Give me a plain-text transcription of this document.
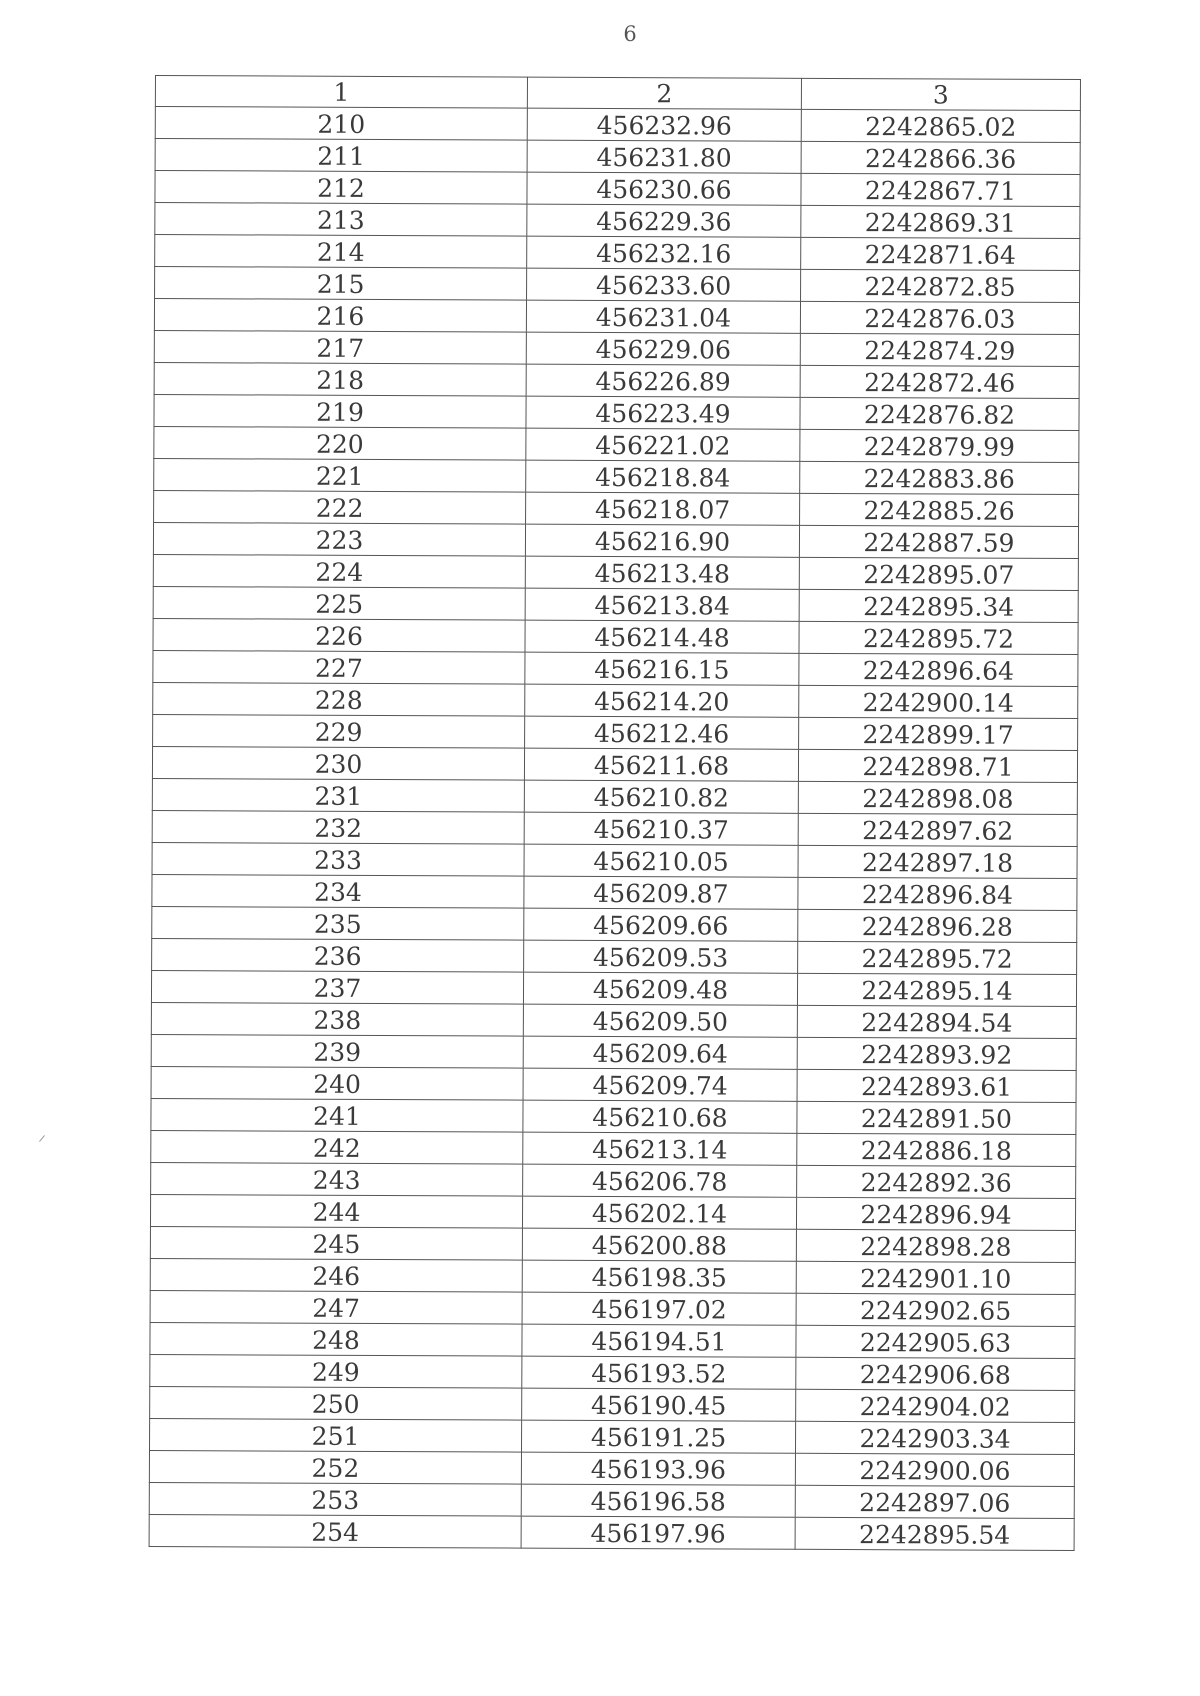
6
1	2	3
210	456232.96	2242865.02
211	456231.80	2242866.36
212	456230.66	2242867.71
213	456229.36	2242869.31
214	456232.16	2242871.64
215	456233.60	2242872.85
216	456231.04	2242876.03
217	456229.06	2242874.29
218	456226.89	2242872.46
219	456223.49	2242876.82
220	456221.02	2242879.99
221	456218.84	2242883.86
222	456218.07	2242885.26
223	456216.90	2242887.59
224	456213.48	2242895.07
225	456213.84	2242895.34
226	456214.48	2242895.72
227	456216.15	2242896.64
228	456214.20	2242900.14
229	456212.46	2242899.17
230	456211.68	2242898.71
231	456210.82	2242898.08
232	456210.37	2242897.62
233	456210.05	2242897.18
234	456209.87	2242896.84
235	456209.66	2242896.28
236	456209.53	2242895.72
237	456209.48	2242895.14
238	456209.50	2242894.54
239	456209.64	2242893.92
240	456209.74	2242893.61
241	456210.68	2242891.50
242	456213.14	2242886.18
243	456206.78	2242892.36
244	456202.14	2242896.94
245	456200.88	2242898.28
246	456198.35	2242901.10
247	456197.02	2242902.65
248	456194.51	2242905.63
249	456193.52	2242906.68
250	456190.45	2242904.02
251	456191.25	2242903.34
252	456193.96	2242900.06
253	456196.58	2242897.06
254	456197.96	2242895.54
